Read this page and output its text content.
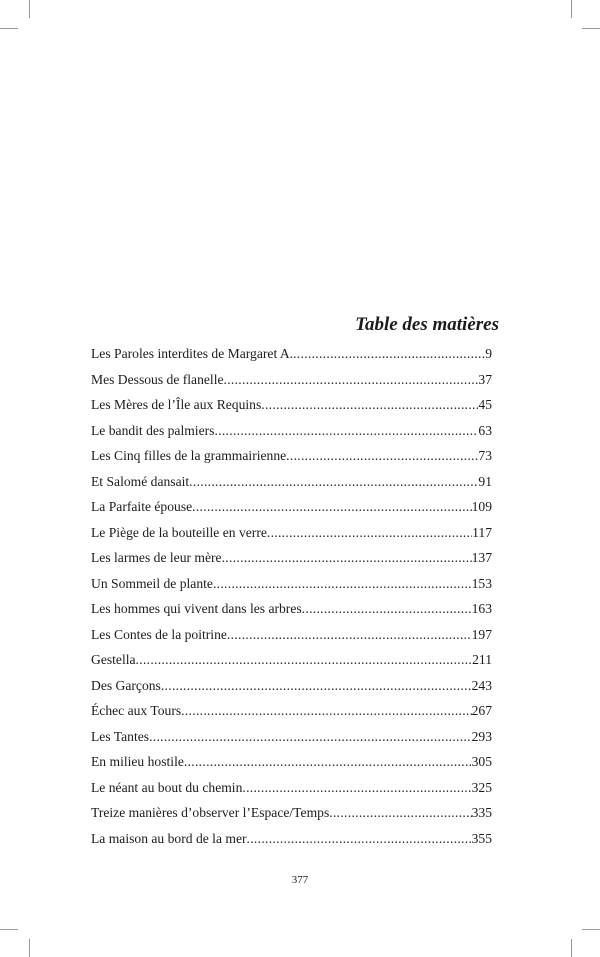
Table des matières
Les Paroles interdites de Margaret A. .....	9
Mes Dessous de flanelle .....	37
Les Mères de l’Île aux Requins .....	45
Le bandit des palmiers .....	63
Les Cinq filles de la grammairienne .....	73
Et Salomé dansait .....	91
La Parfaite épouse .....	109
Le Piège de la bouteille en verre .....	117
Les larmes de leur mère .....	137
Un Sommeil de plante .....	153
Les hommes qui vivent dans les arbres .....	163
Les Contes de la poitrine .....	197
Gestella .....	211
Des Garçons .....	243
Échec aux Tours .....	267
Les Tantes .....	293
En milieu hostile .....	305
Le néant au bout du chemin .....	325
Treize manières d’observer l’Espace/Temps .....	335
La maison au bord de la mer .....	355

377
